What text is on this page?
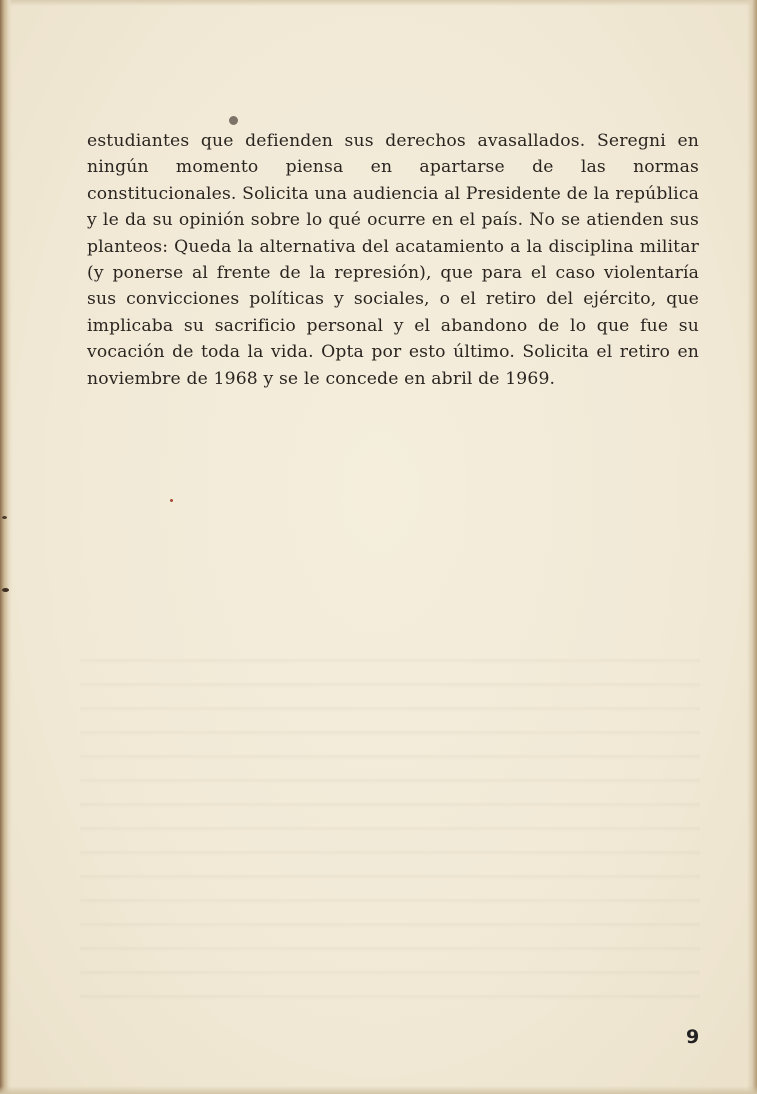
estudiantes que defienden sus derechos avasallados. Seregni en ningún momento piensa en apartarse de las normas constitucionales. Solicita una audiencia al Presidente de la república y le da su opinión sobre lo qué ocurre en el país. No se atienden sus planteos: Queda la alternativa del acatamiento a la disciplina militar (y ponerse al frente de la represión), que para el caso violentaría sus convicciones políticas y sociales, o el retiro del ejército, que implicaba su sacrificio personal y el abandono de lo que fue su vocación de toda la vida. Opta por esto último. Solicita el retiro en noviembre de 1968 y se le concede en abril de 1969.

9
